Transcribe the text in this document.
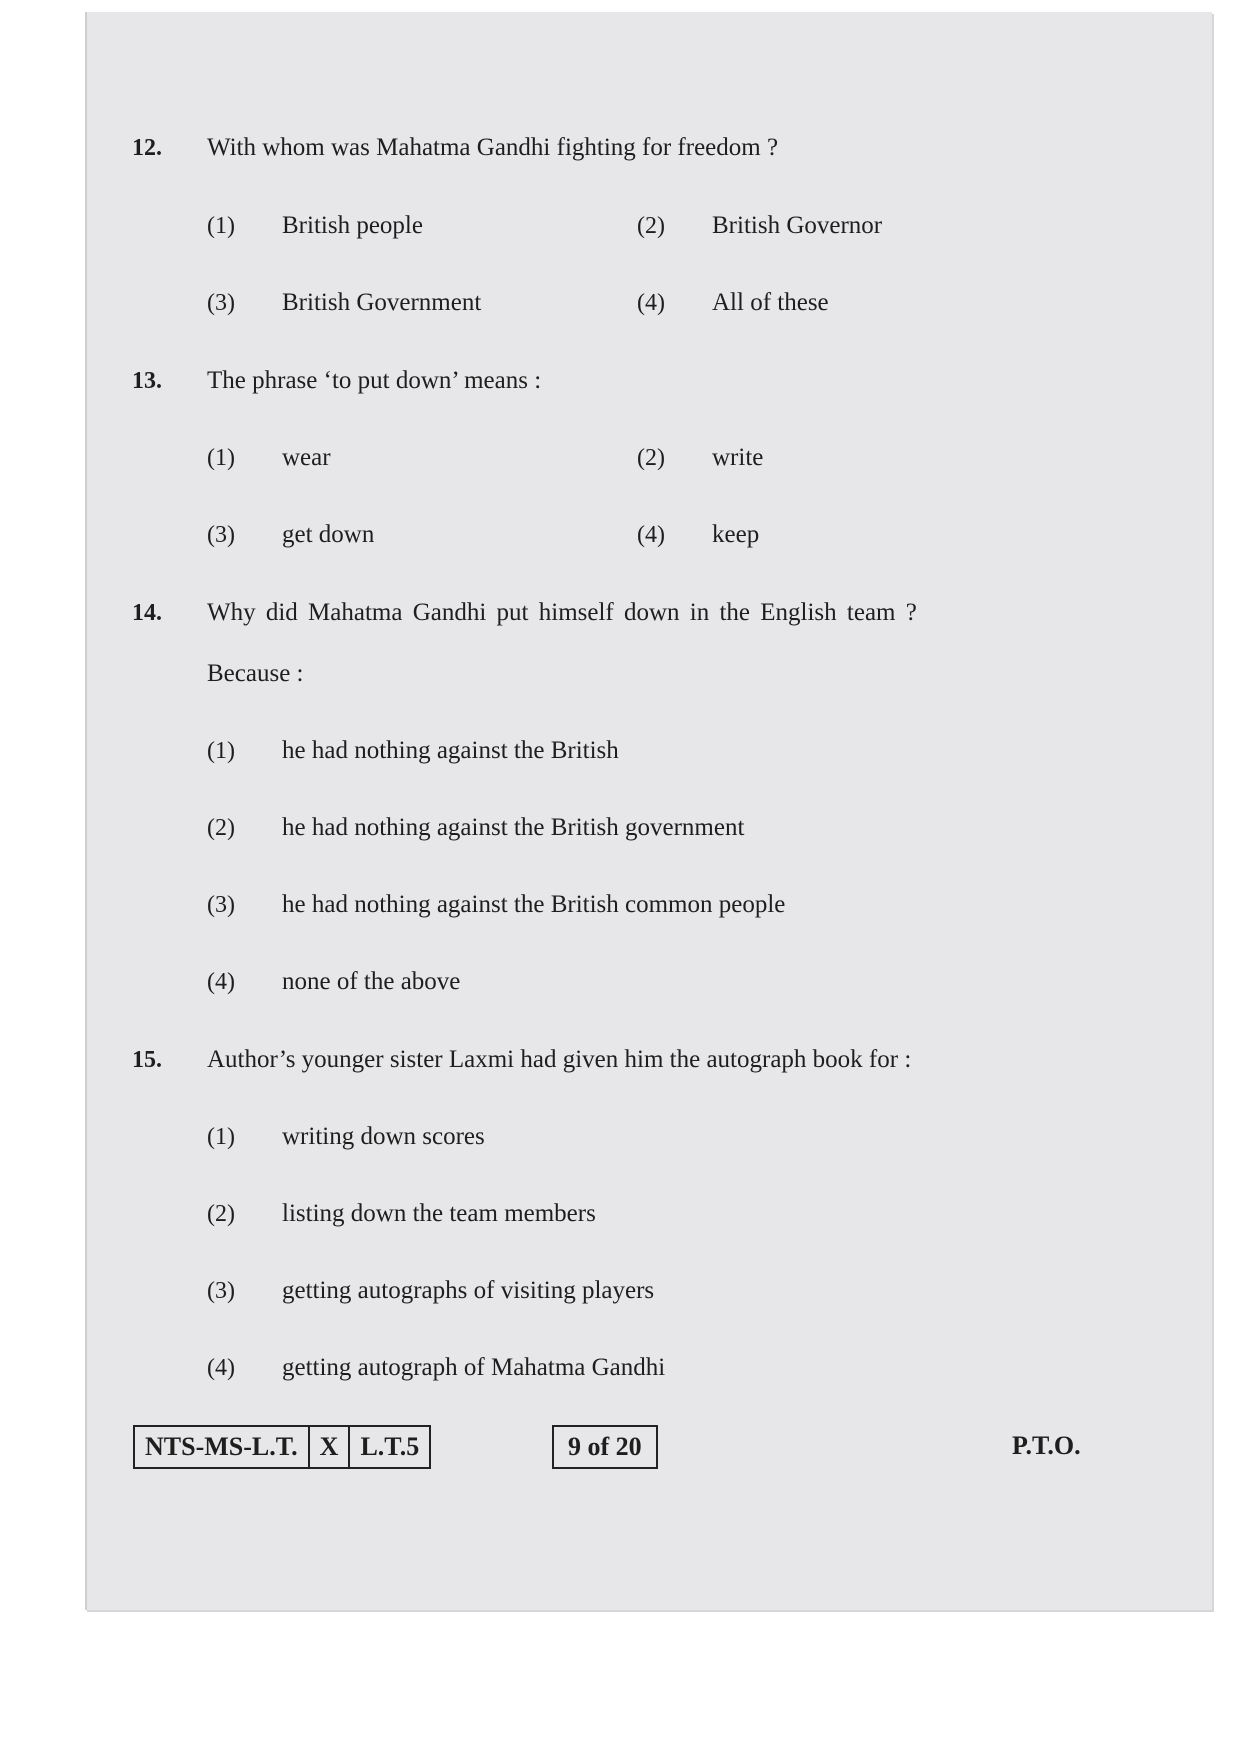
12. With whom was Mahatma Gandhi fighting for freedom ?
(1) British people	(2) British Governor
(3) British Government	(4) All of these
13. The phrase ‘to put down’ means :
(1) wear	(2) write
(3) get down	(4) keep
14. Why did Mahatma Gandhi put himself down in the English team ?
Because :
(1) he had nothing against the British
(2) he had nothing against the British government
(3) he had nothing against the British common people
(4) none of the above
15. Author’s younger sister Laxmi had given him the autograph book for :
(1) writing down scores
(2) listing down the team members
(3) getting autographs of visiting players
(4) getting autograph of Mahatma Gandhi
NTS-MS-L.T. X L.T.5	9 of 20	P.T.O.
